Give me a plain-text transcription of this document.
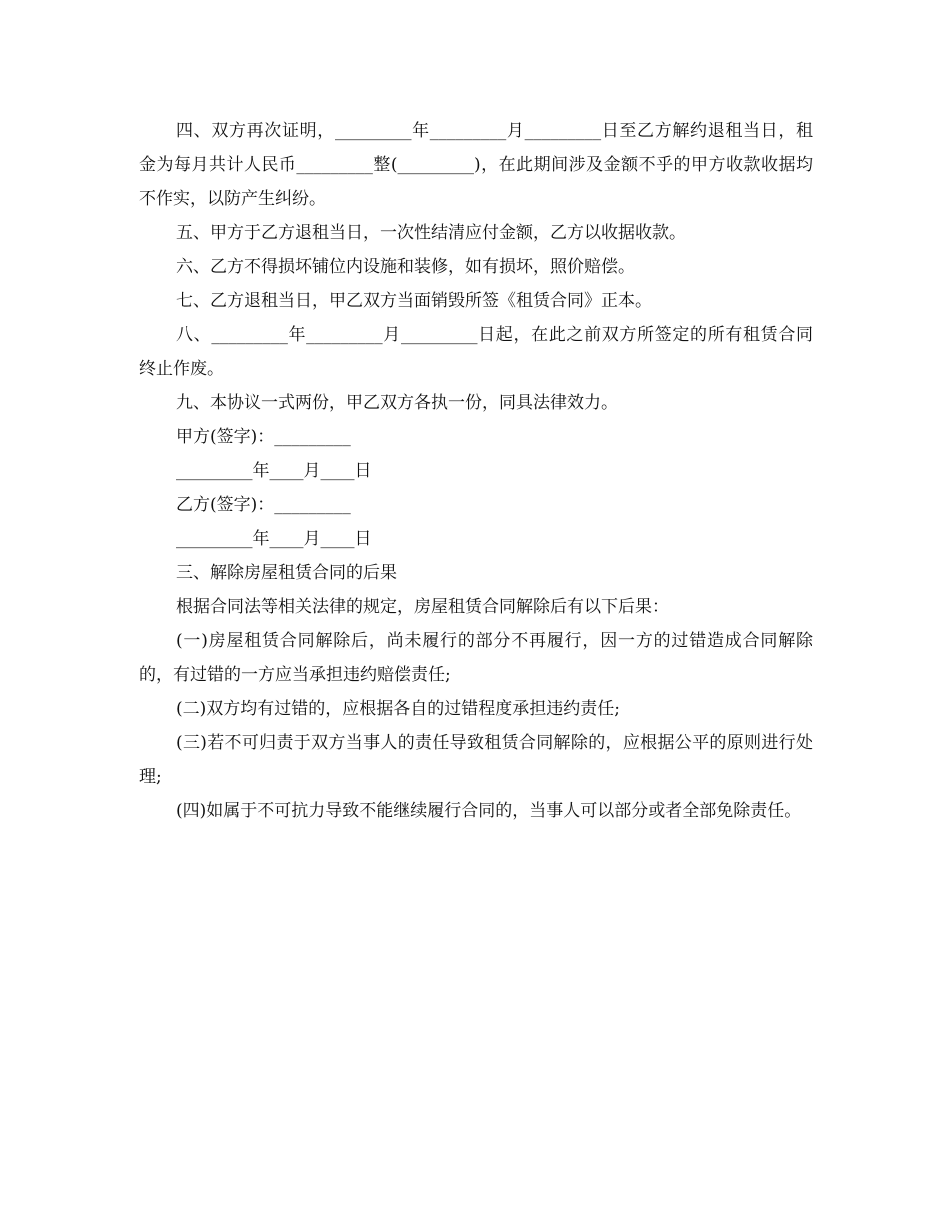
四、双方再次证明，_________年_________月_________日至乙方解约退租当日，租金为每月共计人民币_________整(_________)，在此期间涉及金额不乎的甲方收款收据均不作实，以防产生纠纷。

五、甲方于乙方退租当日，一次性结清应付金额，乙方以收据收款。

六、乙方不得损坏铺位内设施和装修，如有损坏，照价赔偿。

七、乙方退租当日，甲乙双方当面销毁所签《租赁合同》正本。

八、_________年_________月_________日起，在此之前双方所签定的所有租赁合同终止作废。

九、本协议一式两份，甲乙双方各执一份，同具法律效力。

甲方(签字)：_________

_________年____月____日

乙方(签字)：_________

_________年____月____日

三、解除房屋租赁合同的后果

根据合同法等相关法律的规定，房屋租赁合同解除后有以下后果：

(一)房屋租赁合同解除后，尚未履行的部分不再履行，因一方的过错造成合同解除的，有过错的一方应当承担违约赔偿责任;

(二)双方均有过错的，应根据各自的过错程度承担违约责任;

(三)若不可归责于双方当事人的责任导致租赁合同解除的，应根据公平的原则进行处理;

(四)如属于不可抗力导致不能继续履行合同的，当事人可以部分或者全部免除责任。
